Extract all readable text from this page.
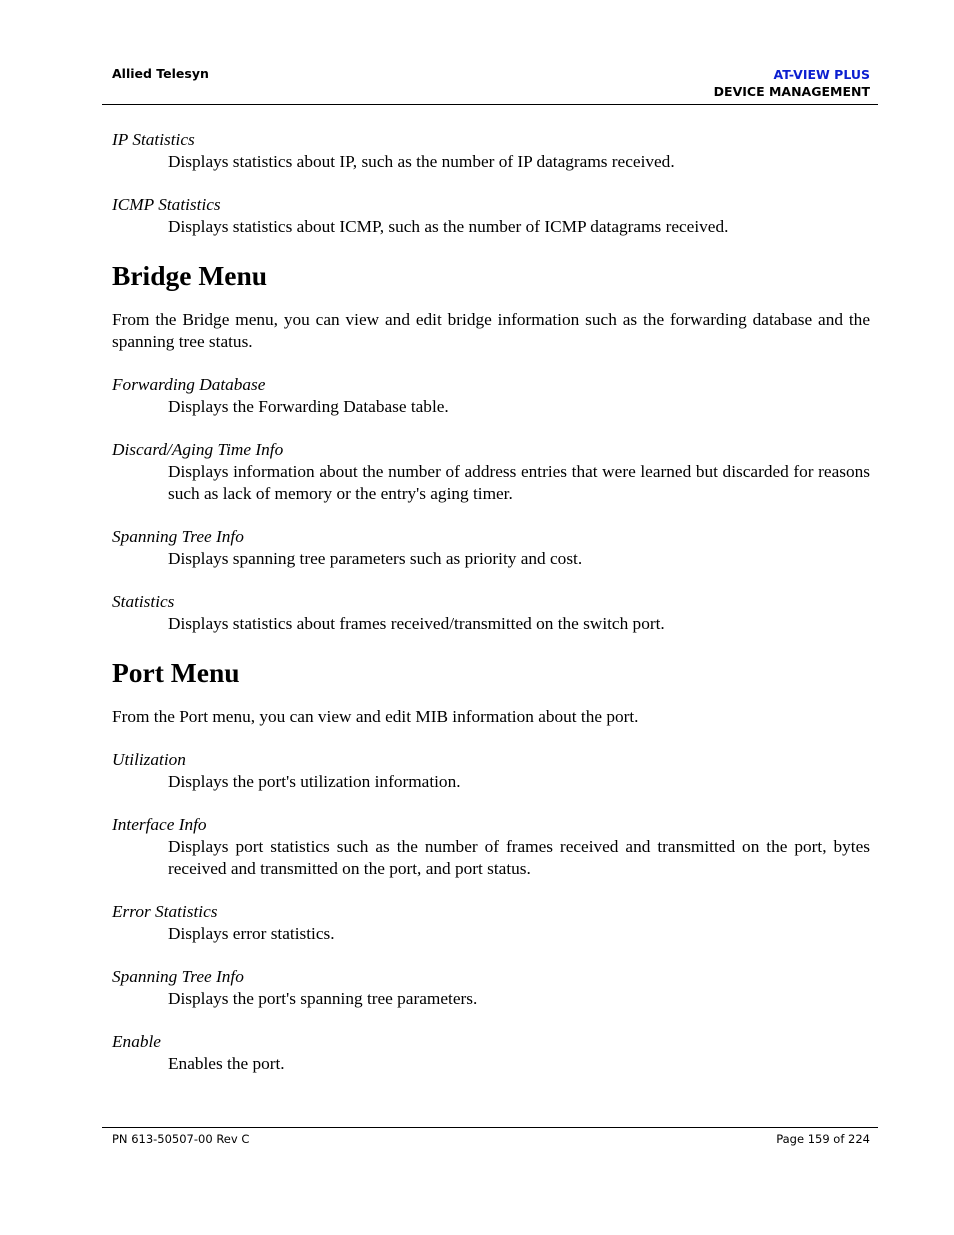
Allied Telesyn	AT-VIEW PLUS
DEVICE MANAGEMENT

IP Statistics

Displays statistics about IP, such as the number of IP datagrams received.

ICMP Statistics

Displays statistics about ICMP, such as the number of ICMP datagrams received.

Bridge Menu

From the Bridge menu, you can view and edit bridge information such as the forwarding database and the spanning tree status.

Forwarding Database

Displays the Forwarding Database table.

Discard/Aging Time Info

Displays information about the number of address entries that were learned but discarded for reasons such as lack of memory or the entry's aging timer.

Spanning Tree Info

Displays spanning tree parameters such as priority and cost.

Statistics

Displays statistics about frames received/transmitted on the switch port.

Port Menu

From the Port menu, you can view and edit MIB information about the port.

Utilization

Displays the port's utilization information.

Interface Info

Displays port statistics such as the number of frames received and transmitted on the port, bytes received and transmitted on the port, and port status.

Error Statistics

Displays error statistics.

Spanning Tree Info

Displays the port's spanning tree parameters.

Enable

Enables the port.

PN 613-50507-00 Rev C	Page 159 of 224
